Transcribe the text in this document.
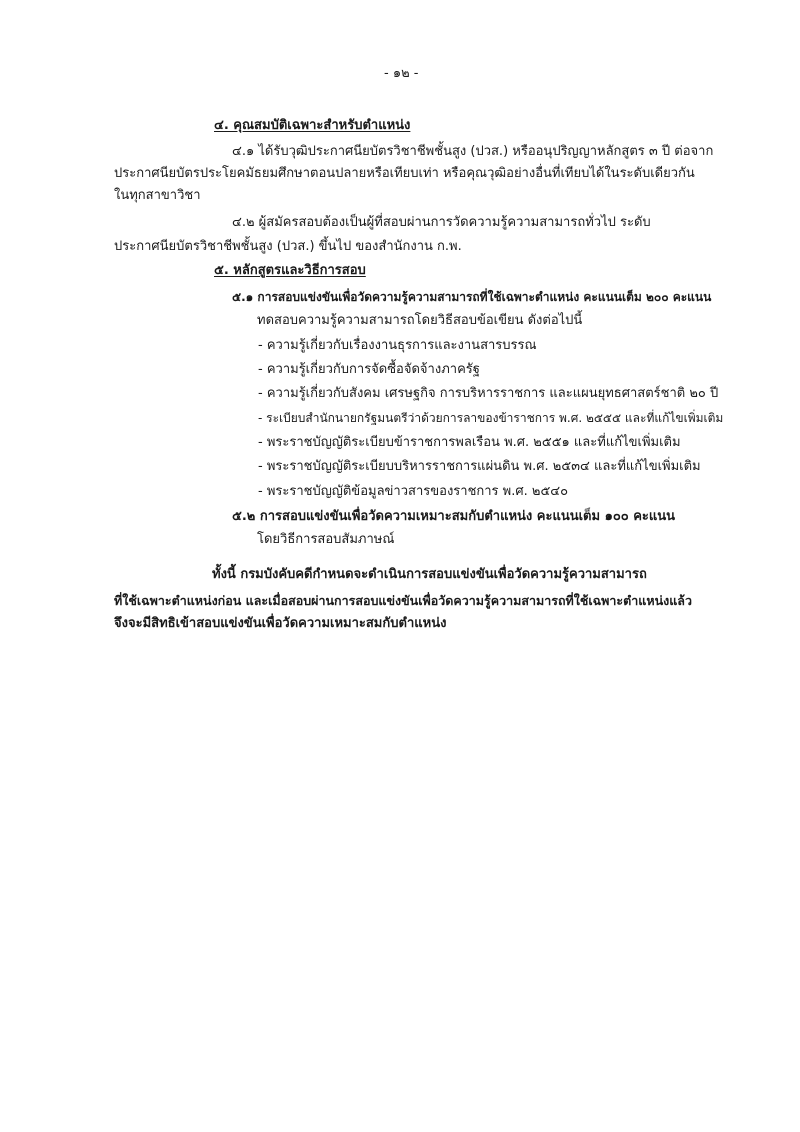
- ๑๒ -
๔. คุณสมบัติเฉพาะสำหรับตำแหน่ง
๔.๑ ได้รับวุฒิประกาศนียบัตรวิชาชีพชั้นสูง (ปวส.) หรืออนุปริญญาหลักสูตร ๓ ปี ต่อจาก
ประกาศนียบัตรประโยคมัธยมศึกษาตอนปลายหรือเทียบเท่า หรือคุณวุฒิอย่างอื่นที่เทียบได้ในระดับเดียวกัน
ในทุกสาขาวิชา
๔.๒ ผู้สมัครสอบต้องเป็นผู้ที่สอบผ่านการวัดความรู้ความสามารถทั่วไป ระดับ
ประกาศนียบัตรวิชาชีพชั้นสูง (ปวส.) ขึ้นไป ของสำนักงาน ก.พ.
๕. หลักสูตรและวิธีการสอบ
๕.๑ การสอบแข่งขันเพื่อวัดความรู้ความสามารถที่ใช้เฉพาะตำแหน่ง คะแนนเต็ม ๒๐๐ คะแนน
ทดสอบความรู้ความสามารถโดยวิธีสอบข้อเขียน ดังต่อไปนี้
- ความรู้เกี่ยวกับเรื่องงานธุรการและงานสารบรรณ
- ความรู้เกี่ยวกับการจัดซื้อจัดจ้างภาครัฐ
- ความรู้เกี่ยวกับสังคม เศรษฐกิจ การบริหารราชการ และแผนยุทธศาสตร์ชาติ ๒๐ ปี
- ระเบียบสำนักนายกรัฐมนตรีว่าด้วยการลาของข้าราชการ พ.ศ. ๒๕๕๕ และที่แก้ไขเพิ่มเติม
- พระราชบัญญัติระเบียบข้าราชการพลเรือน พ.ศ. ๒๕๕๑ และที่แก้ไขเพิ่มเติม
- พระราชบัญญัติระเบียบบริหารราชการแผ่นดิน พ.ศ. ๒๕๓๔ และที่แก้ไขเพิ่มเติม
- พระราชบัญญัติข้อมูลข่าวสารของราชการ พ.ศ. ๒๕๔๐
๕.๒ การสอบแข่งขันเพื่อวัดความเหมาะสมกับตำแหน่ง คะแนนเต็ม ๑๐๐ คะแนน
โดยวิธีการสอบสัมภาษณ์
ทั้งนี้ กรมบังคับคดีกำหนดจะดำเนินการสอบแข่งขันเพื่อวัดความรู้ความสามารถ
ที่ใช้เฉพาะตำแหน่งก่อน และเมื่อสอบผ่านการสอบแข่งขันเพื่อวัดความรู้ความสามารถที่ใช้เฉพาะตำแหน่งแล้ว
จึงจะมีสิทธิเข้าสอบแข่งขันเพื่อวัดความเหมาะสมกับตำแหน่ง
